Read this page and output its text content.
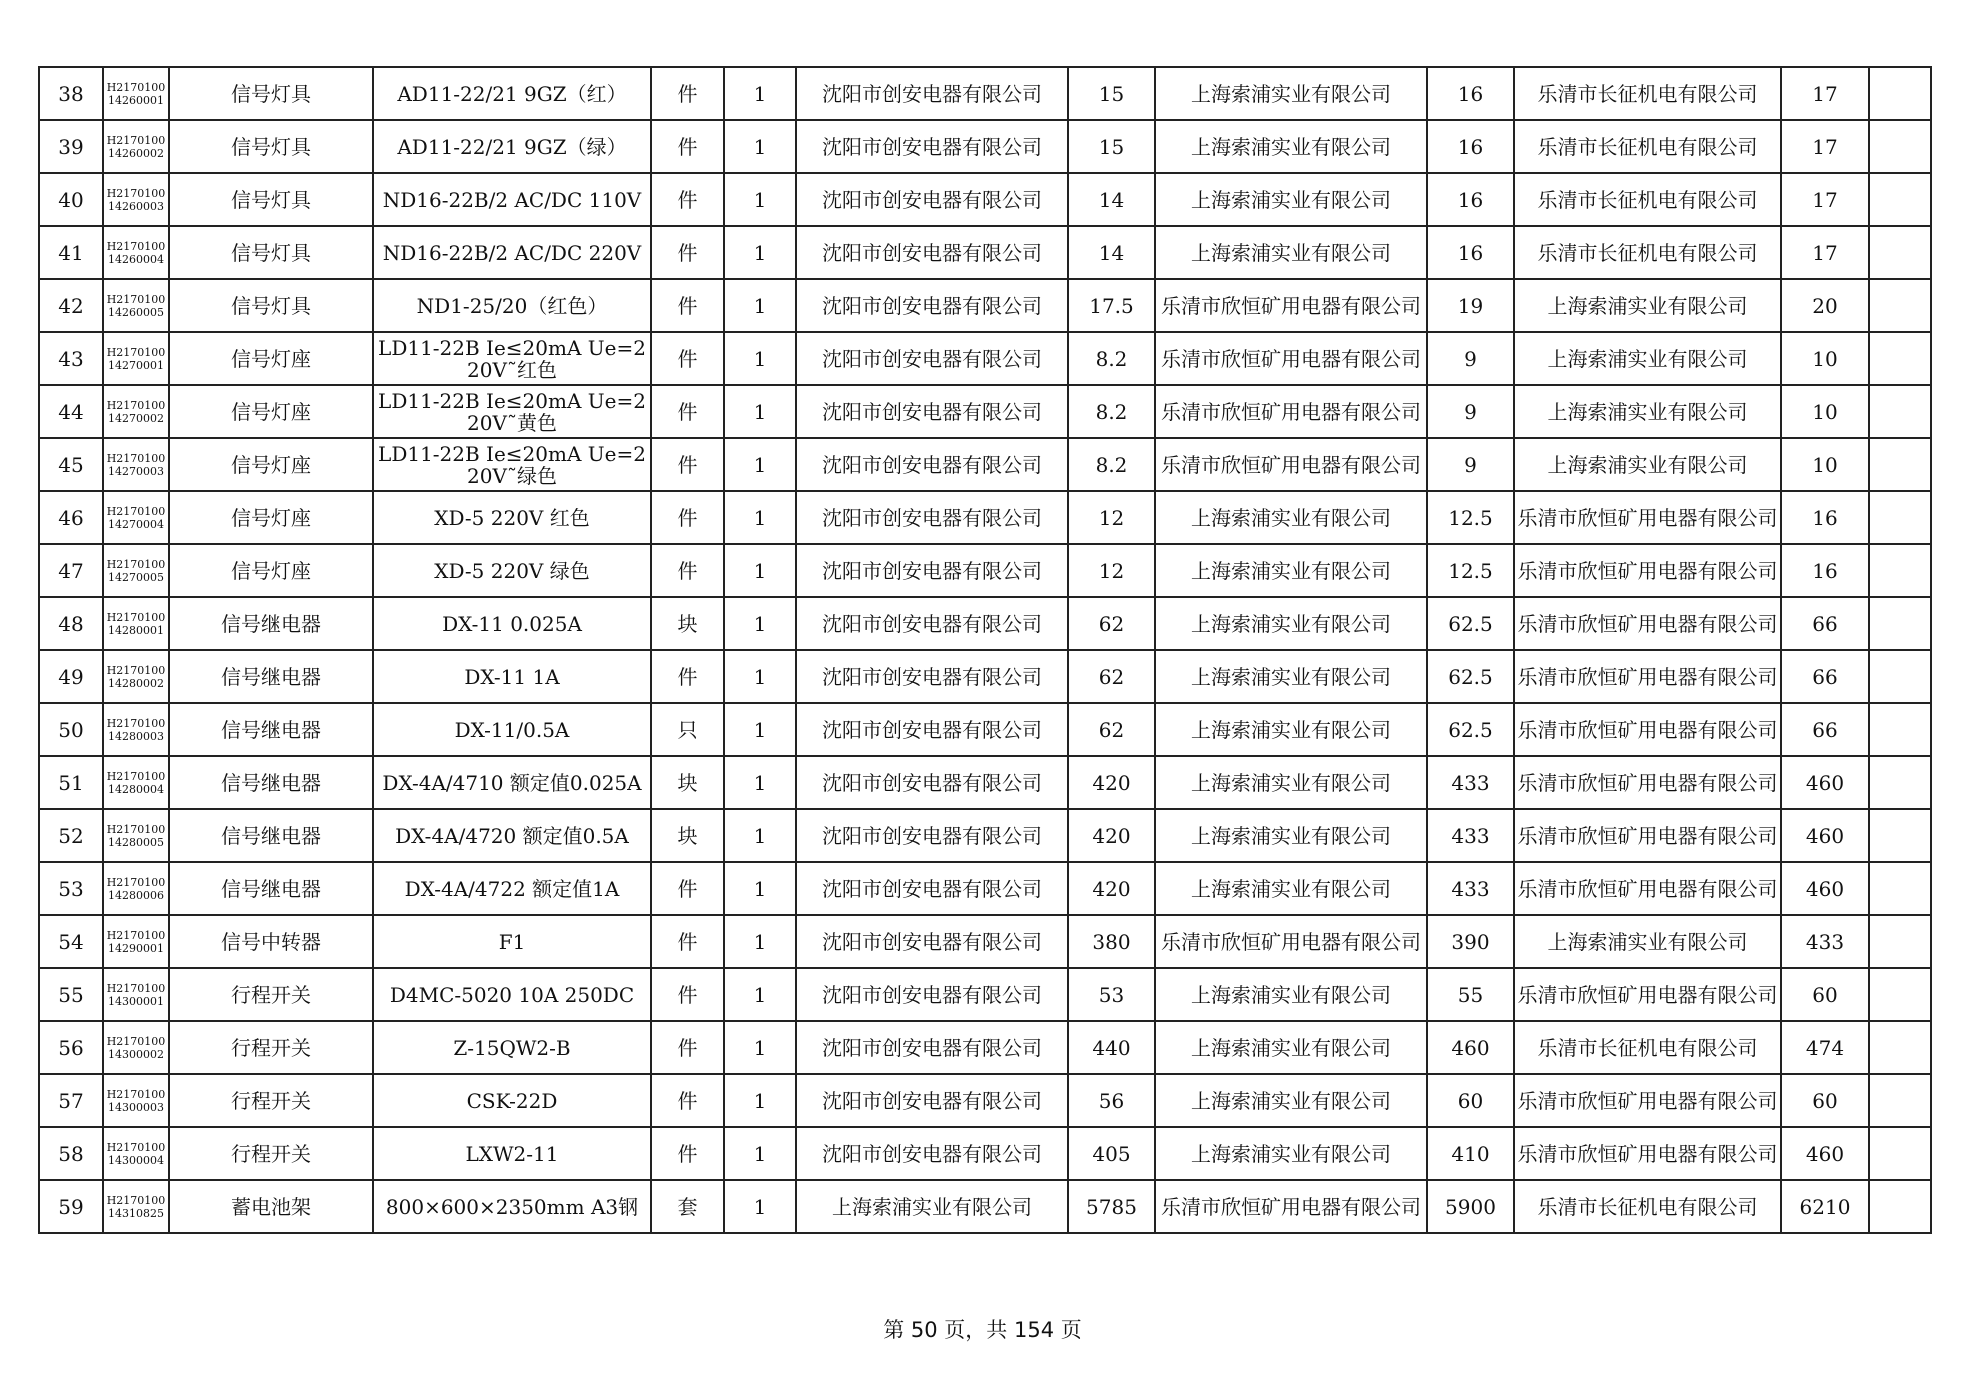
38	H2170100 14260001	信号灯具	AD11-22/21 9GZ（红）	件	1	沈阳市创安电器有限公司	15	上海索浦实业有限公司	16	乐清市长征机电有限公司	17	
39	H2170100 14260002	信号灯具	AD11-22/21 9GZ（绿）	件	1	沈阳市创安电器有限公司	15	上海索浦实业有限公司	16	乐清市长征机电有限公司	17	
40	H2170100 14260003	信号灯具	ND16-22B/2 AC/DC 110V	件	1	沈阳市创安电器有限公司	14	上海索浦实业有限公司	16	乐清市长征机电有限公司	17	
41	H2170100 14260004	信号灯具	ND16-22B/2 AC/DC 220V	件	1	沈阳市创安电器有限公司	14	上海索浦实业有限公司	16	乐清市长征机电有限公司	17	
42	H2170100 14260005	信号灯具	ND1-25/20（红色）	件	1	沈阳市创安电器有限公司	17.5	乐清市欣恒矿用电器有限公司	19	上海索浦实业有限公司	20	
43	H2170100 14270001	信号灯座	LD11-22B Ie≤20mA Ue=220V˜红色	件	1	沈阳市创安电器有限公司	8.2	乐清市欣恒矿用电器有限公司	9	上海索浦实业有限公司	10	
44	H2170100 14270002	信号灯座	LD11-22B Ie≤20mA Ue=220V˜黄色	件	1	沈阳市创安电器有限公司	8.2	乐清市欣恒矿用电器有限公司	9	上海索浦实业有限公司	10	
45	H2170100 14270003	信号灯座	LD11-22B Ie≤20mA Ue=220V˜绿色	件	1	沈阳市创安电器有限公司	8.2	乐清市欣恒矿用电器有限公司	9	上海索浦实业有限公司	10	
46	H2170100 14270004	信号灯座	XD-5 220V 红色	件	1	沈阳市创安电器有限公司	12	上海索浦实业有限公司	12.5	乐清市欣恒矿用电器有限公司	16	
47	H2170100 14270005	信号灯座	XD-5 220V 绿色	件	1	沈阳市创安电器有限公司	12	上海索浦实业有限公司	12.5	乐清市欣恒矿用电器有限公司	16	
48	H2170100 14280001	信号继电器	DX-11 0.025A	块	1	沈阳市创安电器有限公司	62	上海索浦实业有限公司	62.5	乐清市欣恒矿用电器有限公司	66	
49	H2170100 14280002	信号继电器	DX-11 1A	件	1	沈阳市创安电器有限公司	62	上海索浦实业有限公司	62.5	乐清市欣恒矿用电器有限公司	66	
50	H2170100 14280003	信号继电器	DX-11/0.5A	只	1	沈阳市创安电器有限公司	62	上海索浦实业有限公司	62.5	乐清市欣恒矿用电器有限公司	66	
51	H2170100 14280004	信号继电器	DX-4A/4710 额定值0.025A	块	1	沈阳市创安电器有限公司	420	上海索浦实业有限公司	433	乐清市欣恒矿用电器有限公司	460	
52	H2170100 14280005	信号继电器	DX-4A/4720 额定值0.5A	块	1	沈阳市创安电器有限公司	420	上海索浦实业有限公司	433	乐清市欣恒矿用电器有限公司	460	
53	H2170100 14280006	信号继电器	DX-4A/4722 额定值1A	件	1	沈阳市创安电器有限公司	420	上海索浦实业有限公司	433	乐清市欣恒矿用电器有限公司	460	
54	H2170100 14290001	信号中转器	F1	件	1	沈阳市创安电器有限公司	380	乐清市欣恒矿用电器有限公司	390	上海索浦实业有限公司	433	
55	H2170100 14300001	行程开关	D4MC-5020 10A 250DC	件	1	沈阳市创安电器有限公司	53	上海索浦实业有限公司	55	乐清市欣恒矿用电器有限公司	60	
56	H2170100 14300002	行程开关	Z-15QW2-B	件	1	沈阳市创安电器有限公司	440	上海索浦实业有限公司	460	乐清市长征机电有限公司	474	
57	H2170100 14300003	行程开关	CSK-22D	件	1	沈阳市创安电器有限公司	56	上海索浦实业有限公司	60	乐清市欣恒矿用电器有限公司	60	
58	H2170100 14300004	行程开关	LXW2-11	件	1	沈阳市创安电器有限公司	405	上海索浦实业有限公司	410	乐清市欣恒矿用电器有限公司	460	
59	H2170100 14310825	蓄电池架	800×600×2350mm A3钢	套	1	上海索浦实业有限公司	5785	乐清市欣恒矿用电器有限公司	5900	乐清市长征机电有限公司	6210	
第 50 页，共 154 页
